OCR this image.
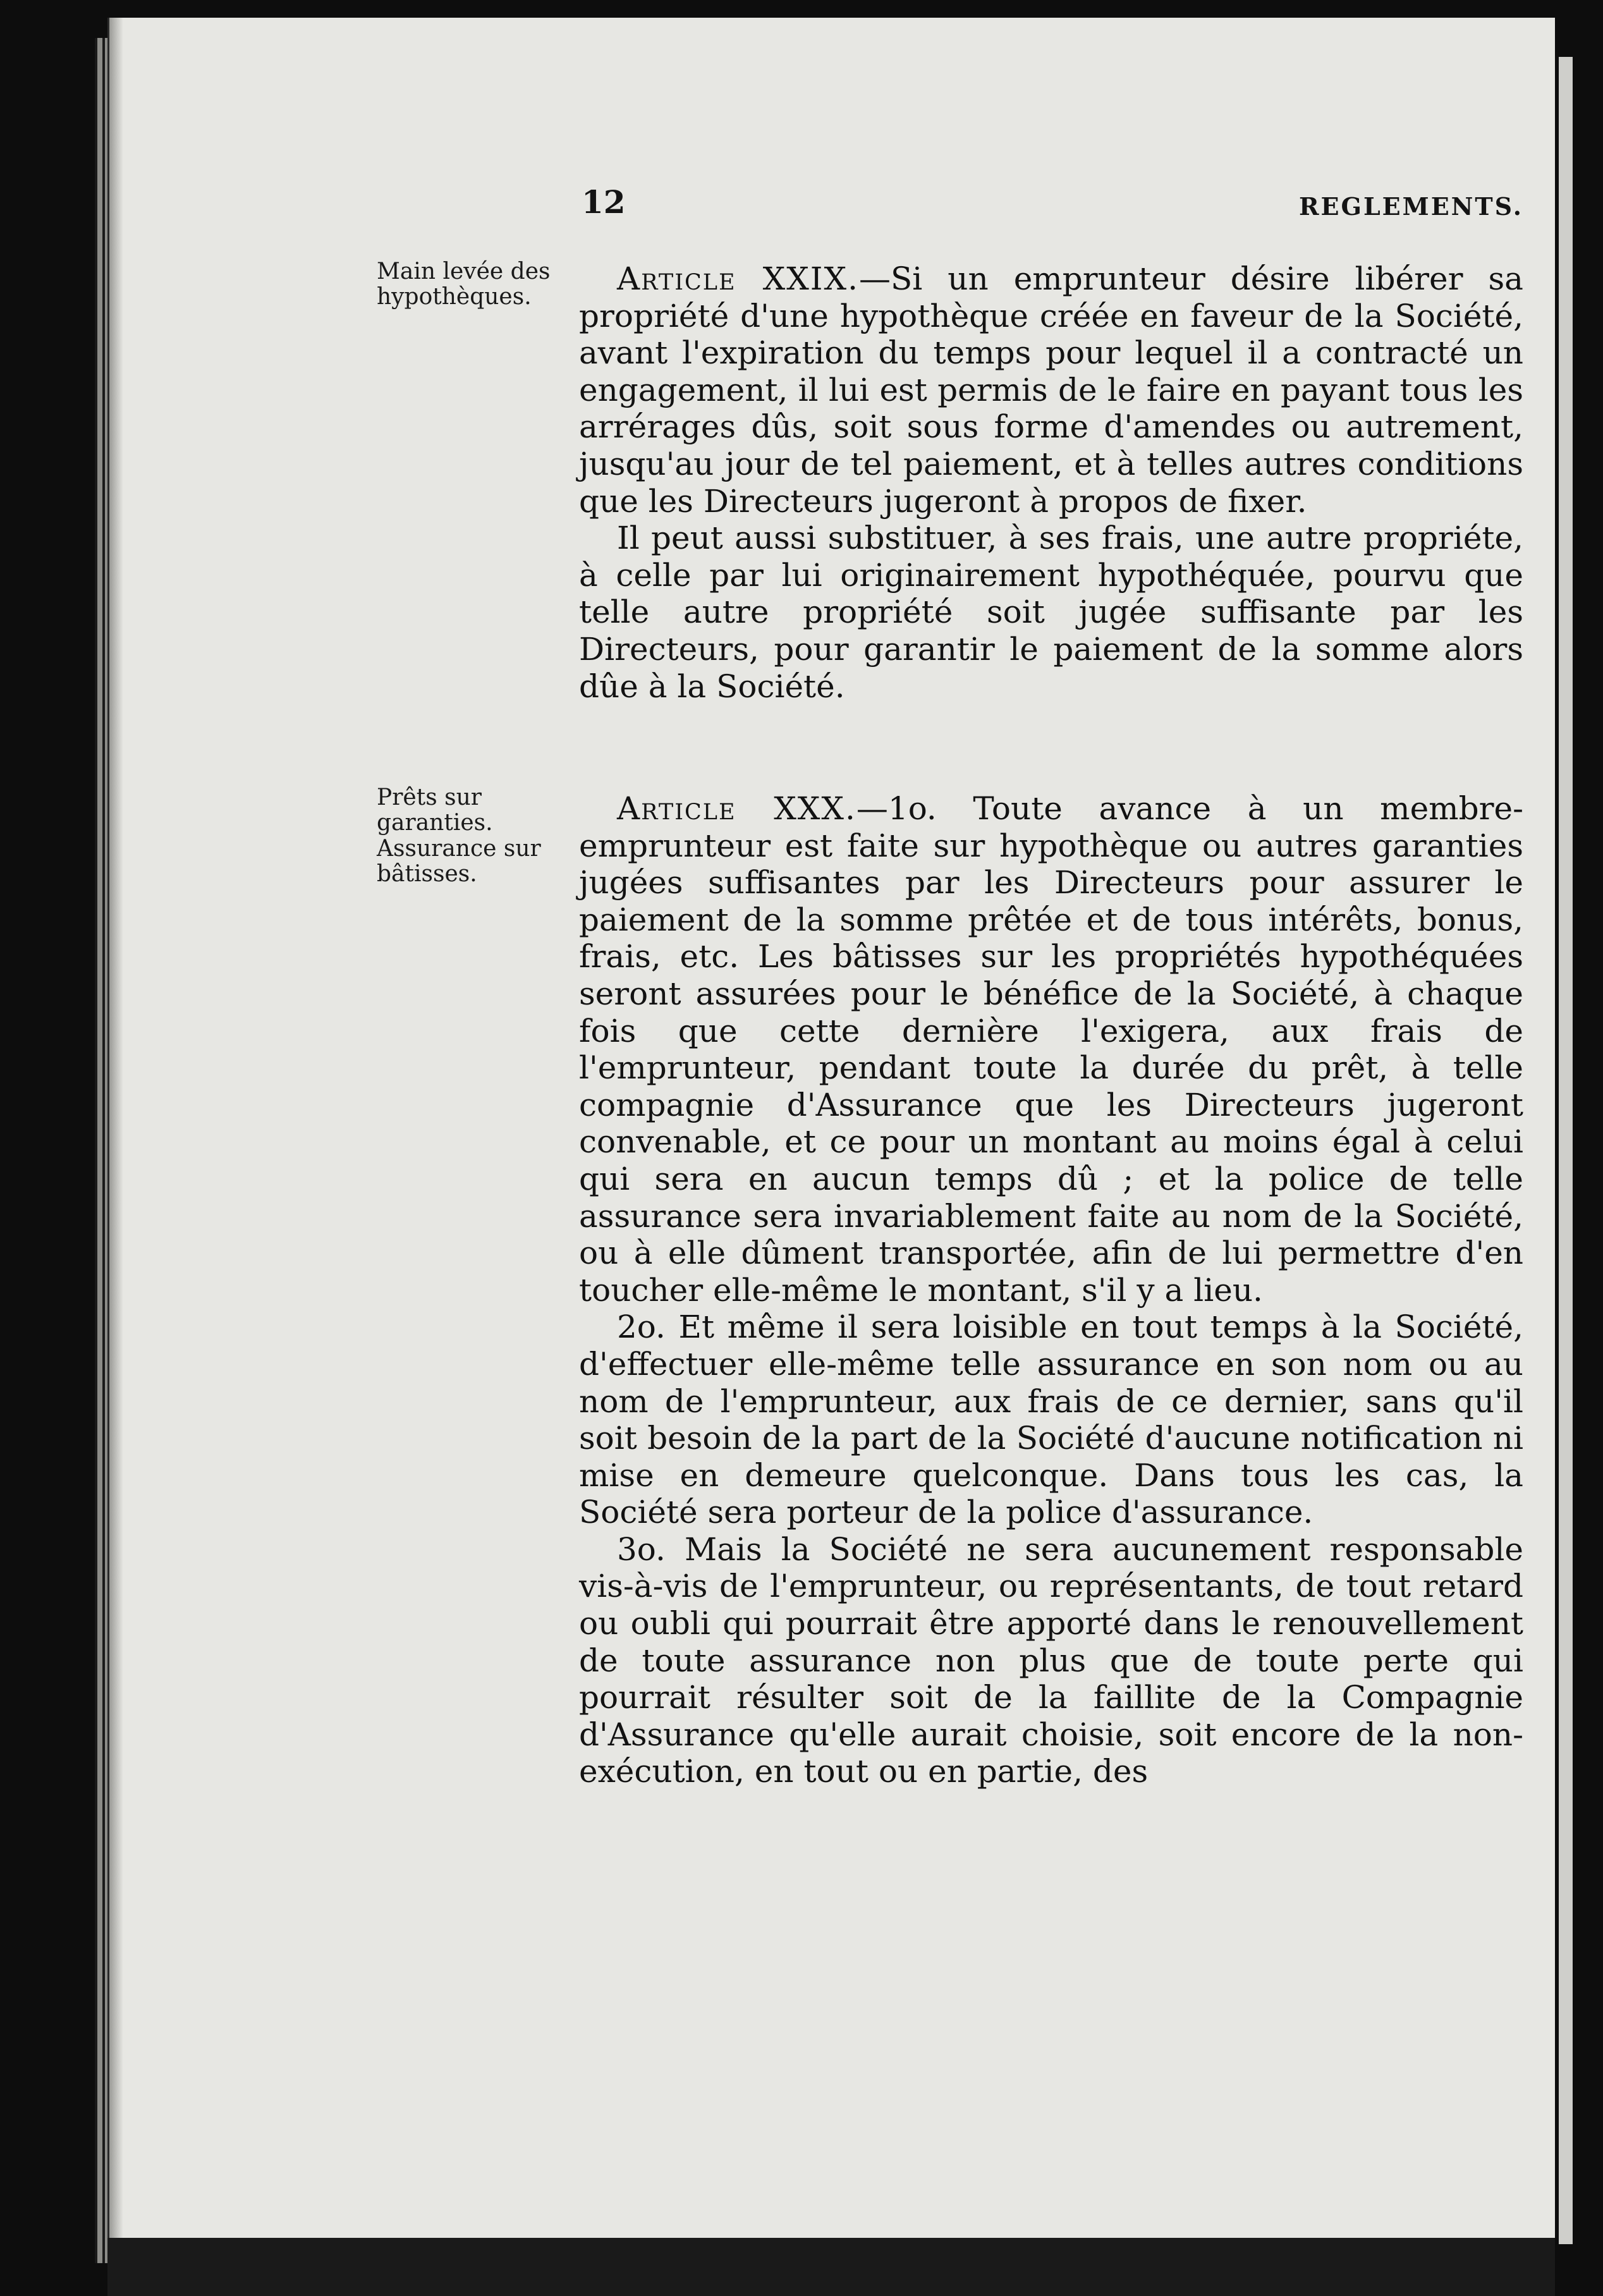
12	REGLEMENTS.
Main levée des hypothèques.
Prêts sur garanties. Assurance sur bâtisses.

Article XXIX.—Si un emprunteur désire libérer sa propriété d'une hypothèque créée en faveur de la Société, avant l'expiration du temps pour lequel il a contracté un engagement, il lui est permis de le faire en payant tous les arrérages dûs, soit sous forme d'amendes ou autrement, jusqu'au jour de tel paiement, et à telles autres conditions que les Directeurs jugeront à propos de fixer.

Il peut aussi substituer, à ses frais, une autre propriéte, à celle par lui originairement hypothéquée, pourvu que telle autre propriété soit jugée suffisante par les Directeurs, pour garantir le paiement de la somme alors dûe à la Société.

Article XXX.—1o. Toute avance à un membre-emprunteur est faite sur hypothèque ou autres garanties jugées suffisantes par les Directeurs pour assurer le paiement de la somme prêtée et de tous intérêts, bonus, frais, etc. Les bâtisses sur les propriétés hypothéquées seront assurées pour le bénéfice de la Société, à chaque fois que cette dernière l'exigera, aux frais de l'emprunteur, pendant toute la durée du prêt, à telle compagnie d'Assurance que les Directeurs jugeront convenable, et ce pour un montant au moins égal à celui qui sera en aucun temps dû ; et la police de telle assurance sera invariablement faite au nom de la Société, ou à elle dûment transportée, afin de lui permettre d'en toucher elle-même le montant, s'il y a lieu.

2o. Et même il sera loisible en tout temps à la Société, d'effectuer elle-même telle assurance en son nom ou au nom de l'emprunteur, aux frais de ce dernier, sans qu'il soit besoin de la part de la Société d'aucune notification ni mise en demeure quelconque. Dans tous les cas, la Société sera porteur de la police d'assurance.

3o. Mais la Société ne sera aucunement responsable vis-à-vis de l'emprunteur, ou représentants, de tout retard ou oubli qui pourrait être apporté dans le renouvellement de toute assurance non plus que de toute perte qui pourrait résulter soit de la faillite de la Compagnie d'Assurance qu'elle aurait choisie, soit encore de la non-exécution, en tout ou en partie, des
